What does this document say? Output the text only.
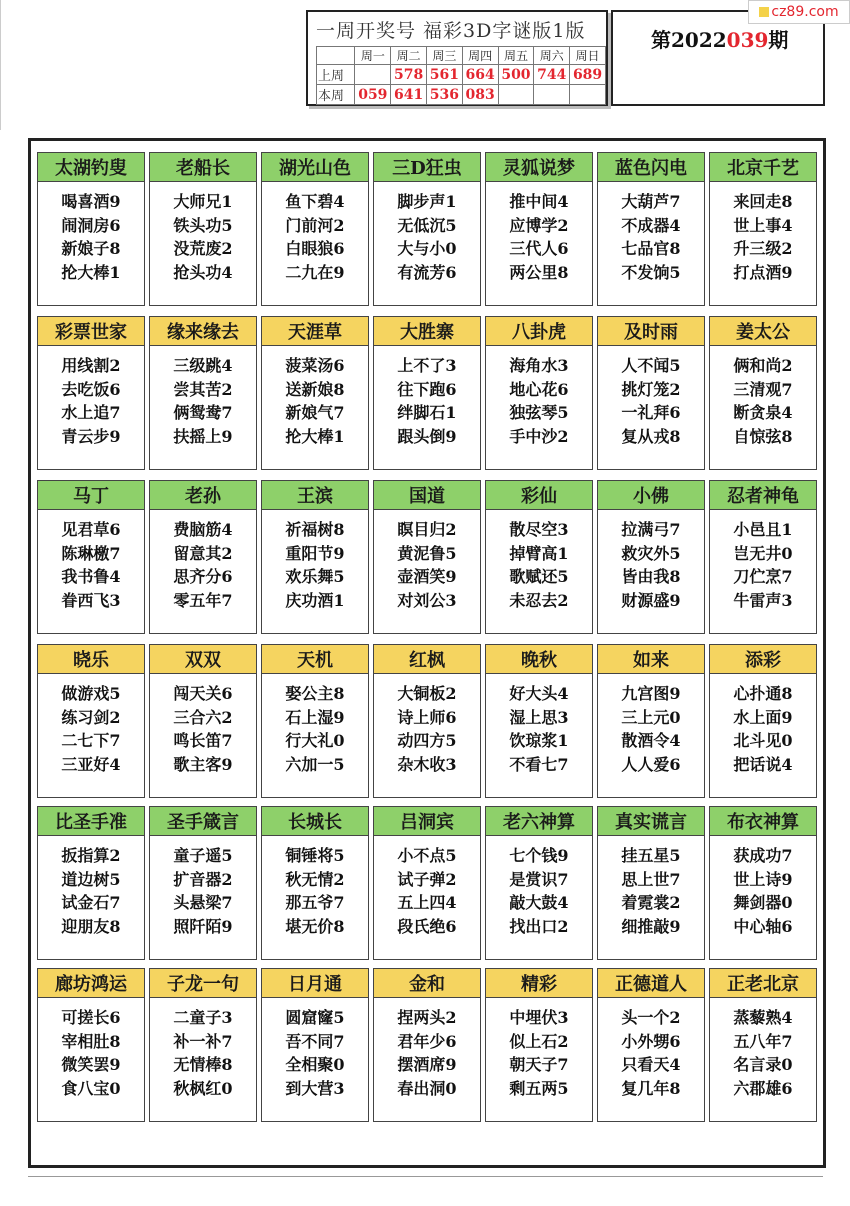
一周开奖号 福彩3D字谜版1版
	周一	周二	周三	周四	周五	周六	周日
上周		578	561	664	500	744	689
本周	059	641	536	083			
第2022039期
cz89.com
太湖钓叟
喝喜酒9
闹洞房6
新娘子8
抡大棒1
老船长
大师兄1
铁头功5
没荒废2
抢头功4
湖光山色
鱼下碧4
门前河2
白眼狼6
二九在9
三D狂虫
脚步声1
无低沉5
大与小0
有流芳6
灵狐说梦
推中间4
应博学2
三代人6
两公里8
蓝色闪电
大葫芦7
不成器4
七品官8
不发饷5
北京千艺
来回走8
世上事4
升三级2
打点酒9
彩票世家
用线割2
去吃饭6
水上追7
青云步9
缘来缘去
三级跳4
尝其苦2
俩鸳鸯7
扶摇上9
天涯草
菠菜汤6
送新娘8
新娘气7
抡大棒1
大胜寨
上不了3
往下跑6
绊脚石1
跟头倒9
八卦虎
海角水3
地心花6
独弦琴5
手中沙2
及时雨
人不闻5
挑灯笼2
一礼拜6
复从戎8
姜太公
俩和尚2
三清观7
断贪泉4
自惊弦8
马丁
见君草6
陈琳檄7
我书鲁4
眷西飞3
老孙
费脑筋4
留意其2
思齐分6
零五年7
王滨
祈福树8
重阳节9
欢乐舞5
庆功酒1
国道
瞑目归2
黄泥鲁5
壶酒笑9
对刘公3
彩仙
散尽空3
掉臂高1
歌赋还5
未忍去2
小佛
拉满弓7
救灾外5
皆由我8
财源盛9
忍者神龟
小邑且1
岂无井0
刀伫烹7
牛雷声3
晓乐
做游戏5
练习剑2
二七下7
三亚好4
双双
闯天关6
三合六2
鸣长笛7
歌主客9
天机
娶公主8
石上湿9
行大礼0
六加一5
红枫
大铜板2
诗上师6
动四方5
杂木收3
晚秋
好大头4
湿上思3
饮琼浆1
不看七7
如来
九宫图9
三上元0
散酒令4
人人爱6
添彩
心扑通8
水上面9
北斗见0
把话说4
比圣手准
扳指算2
道边树5
试金石7
迎朋友8
圣手箴言
童子遥5
扩音器2
头悬梁7
照阡陌9
长城长
铜锤将5
秋无情2
那五爷7
堪无价8
吕洞宾
小不点5
试子弹2
五上四4
段氏绝6
老六神算
七个钱9
是赏识7
敲大鼓4
找出口2
真实谎言
挂五星5
思上世7
着霓裳2
细推敲9
布衣神算
获成功7
世上诗9
舞剑器0
中心轴6
廊坊鸿运
可搓长6
宰相肚8
微笑罢9
食八宝0
子龙一句
二童子3
补一补7
无情棒8
秋枫红0
日月通
圆窟窿5
吾不同7
全相聚0
到大营3
金和
捏两头2
君年少6
摆酒席9
春出洞0
精彩
中埋伏3
似上石2
朝天子7
剩五两5
正德道人
头一个2
小外甥6
只看天4
复几年8
正老北京
蒸藜熟4
五八年7
名言录0
六郡雄6
